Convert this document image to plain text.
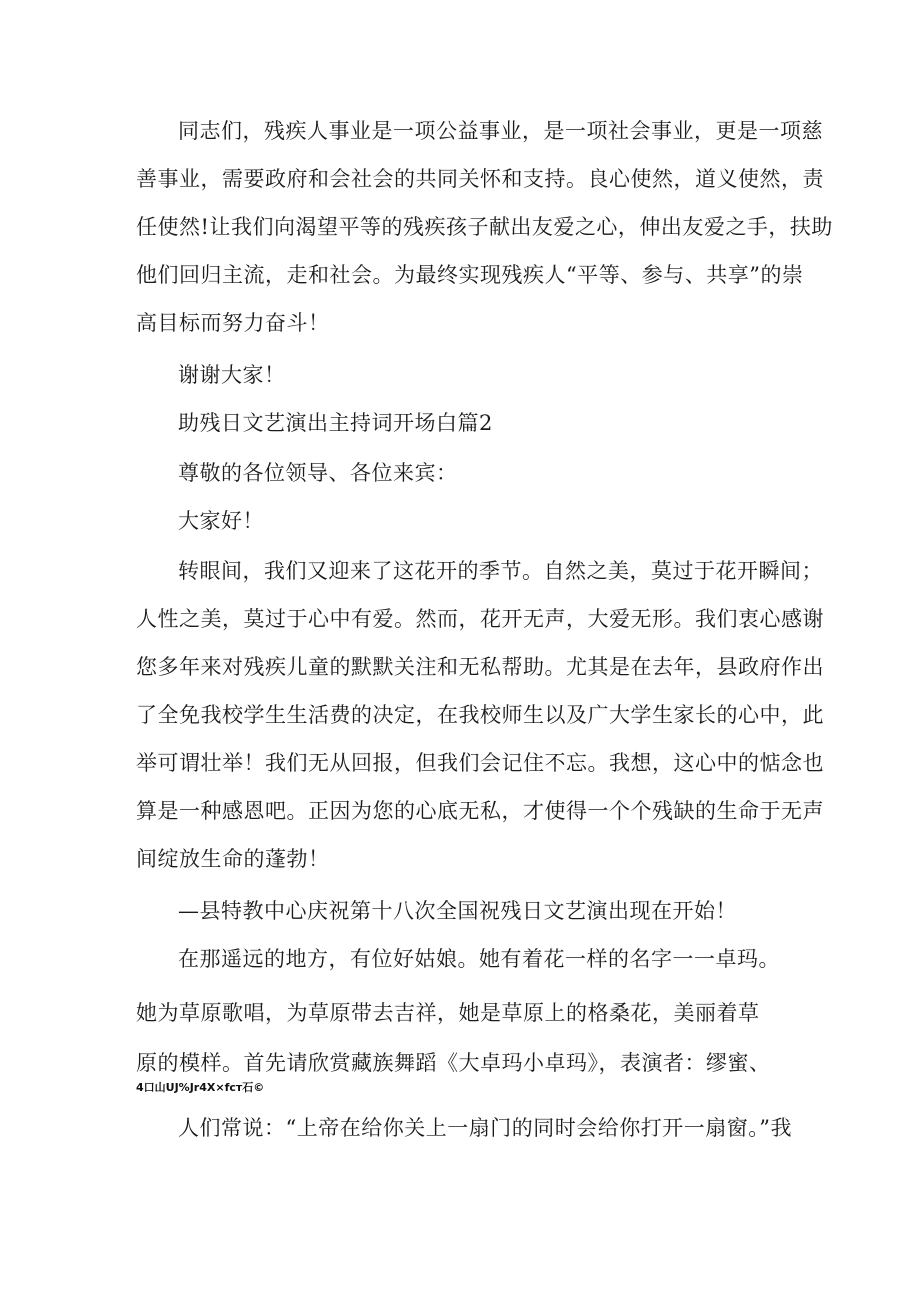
同志们，残疾人事业是一项公益事业，是一项社会事业，更是一项慈
善事业，需要政府和会社会的共同关怀和支持。良心使然，道义使然，责
任使然!让我们向渴望平等的残疾孩子献出友爱之心，伸出友爱之手，扶助
他们回归主流，走和社会。为最终实现残疾人“平等、参与、共享”的崇
高目标而努力奋斗！
谢谢大家！
助残日文艺演出主持词开场白篇2
尊敬的各位领导、各位来宾：
大家好！
转眼间，我们又迎来了这花开的季节。自然之美，莫过于花开瞬间；
人性之美，莫过于心中有爱。然而，花开无声，大爱无形。我们衷心感谢
您多年来对残疾儿童的默默关注和无私帮助。尤其是在去年，县政府作出
了全免我校学生生活费的决定，在我校师生以及广大学生家长的心中，此
举可谓壮举！我们无从回报，但我们会记住不忘。我想，这心中的惦念也
算是一种感恩吧。正因为您的心底无私，才使得一个个残缺的生命于无声
间绽放生命的蓬勃！
—县特教中心庆祝第十八次全国祝残日文艺演出现在开始！
在那遥远的地方，有位好姑娘。她有着花一样的名字一一卓玛。
她为草原歌唱，为草原带去吉祥，她是草原上的格桑花，美丽着草
原的模样。首先请欣赏藏族舞蹈《大卓玛小卓玛》，表演者：缪蜜、
4口山UJ%Jr4X×fcт石©
人们常说：“上帝在给你关上一扇门的同时会给你打开一扇窗。”我
